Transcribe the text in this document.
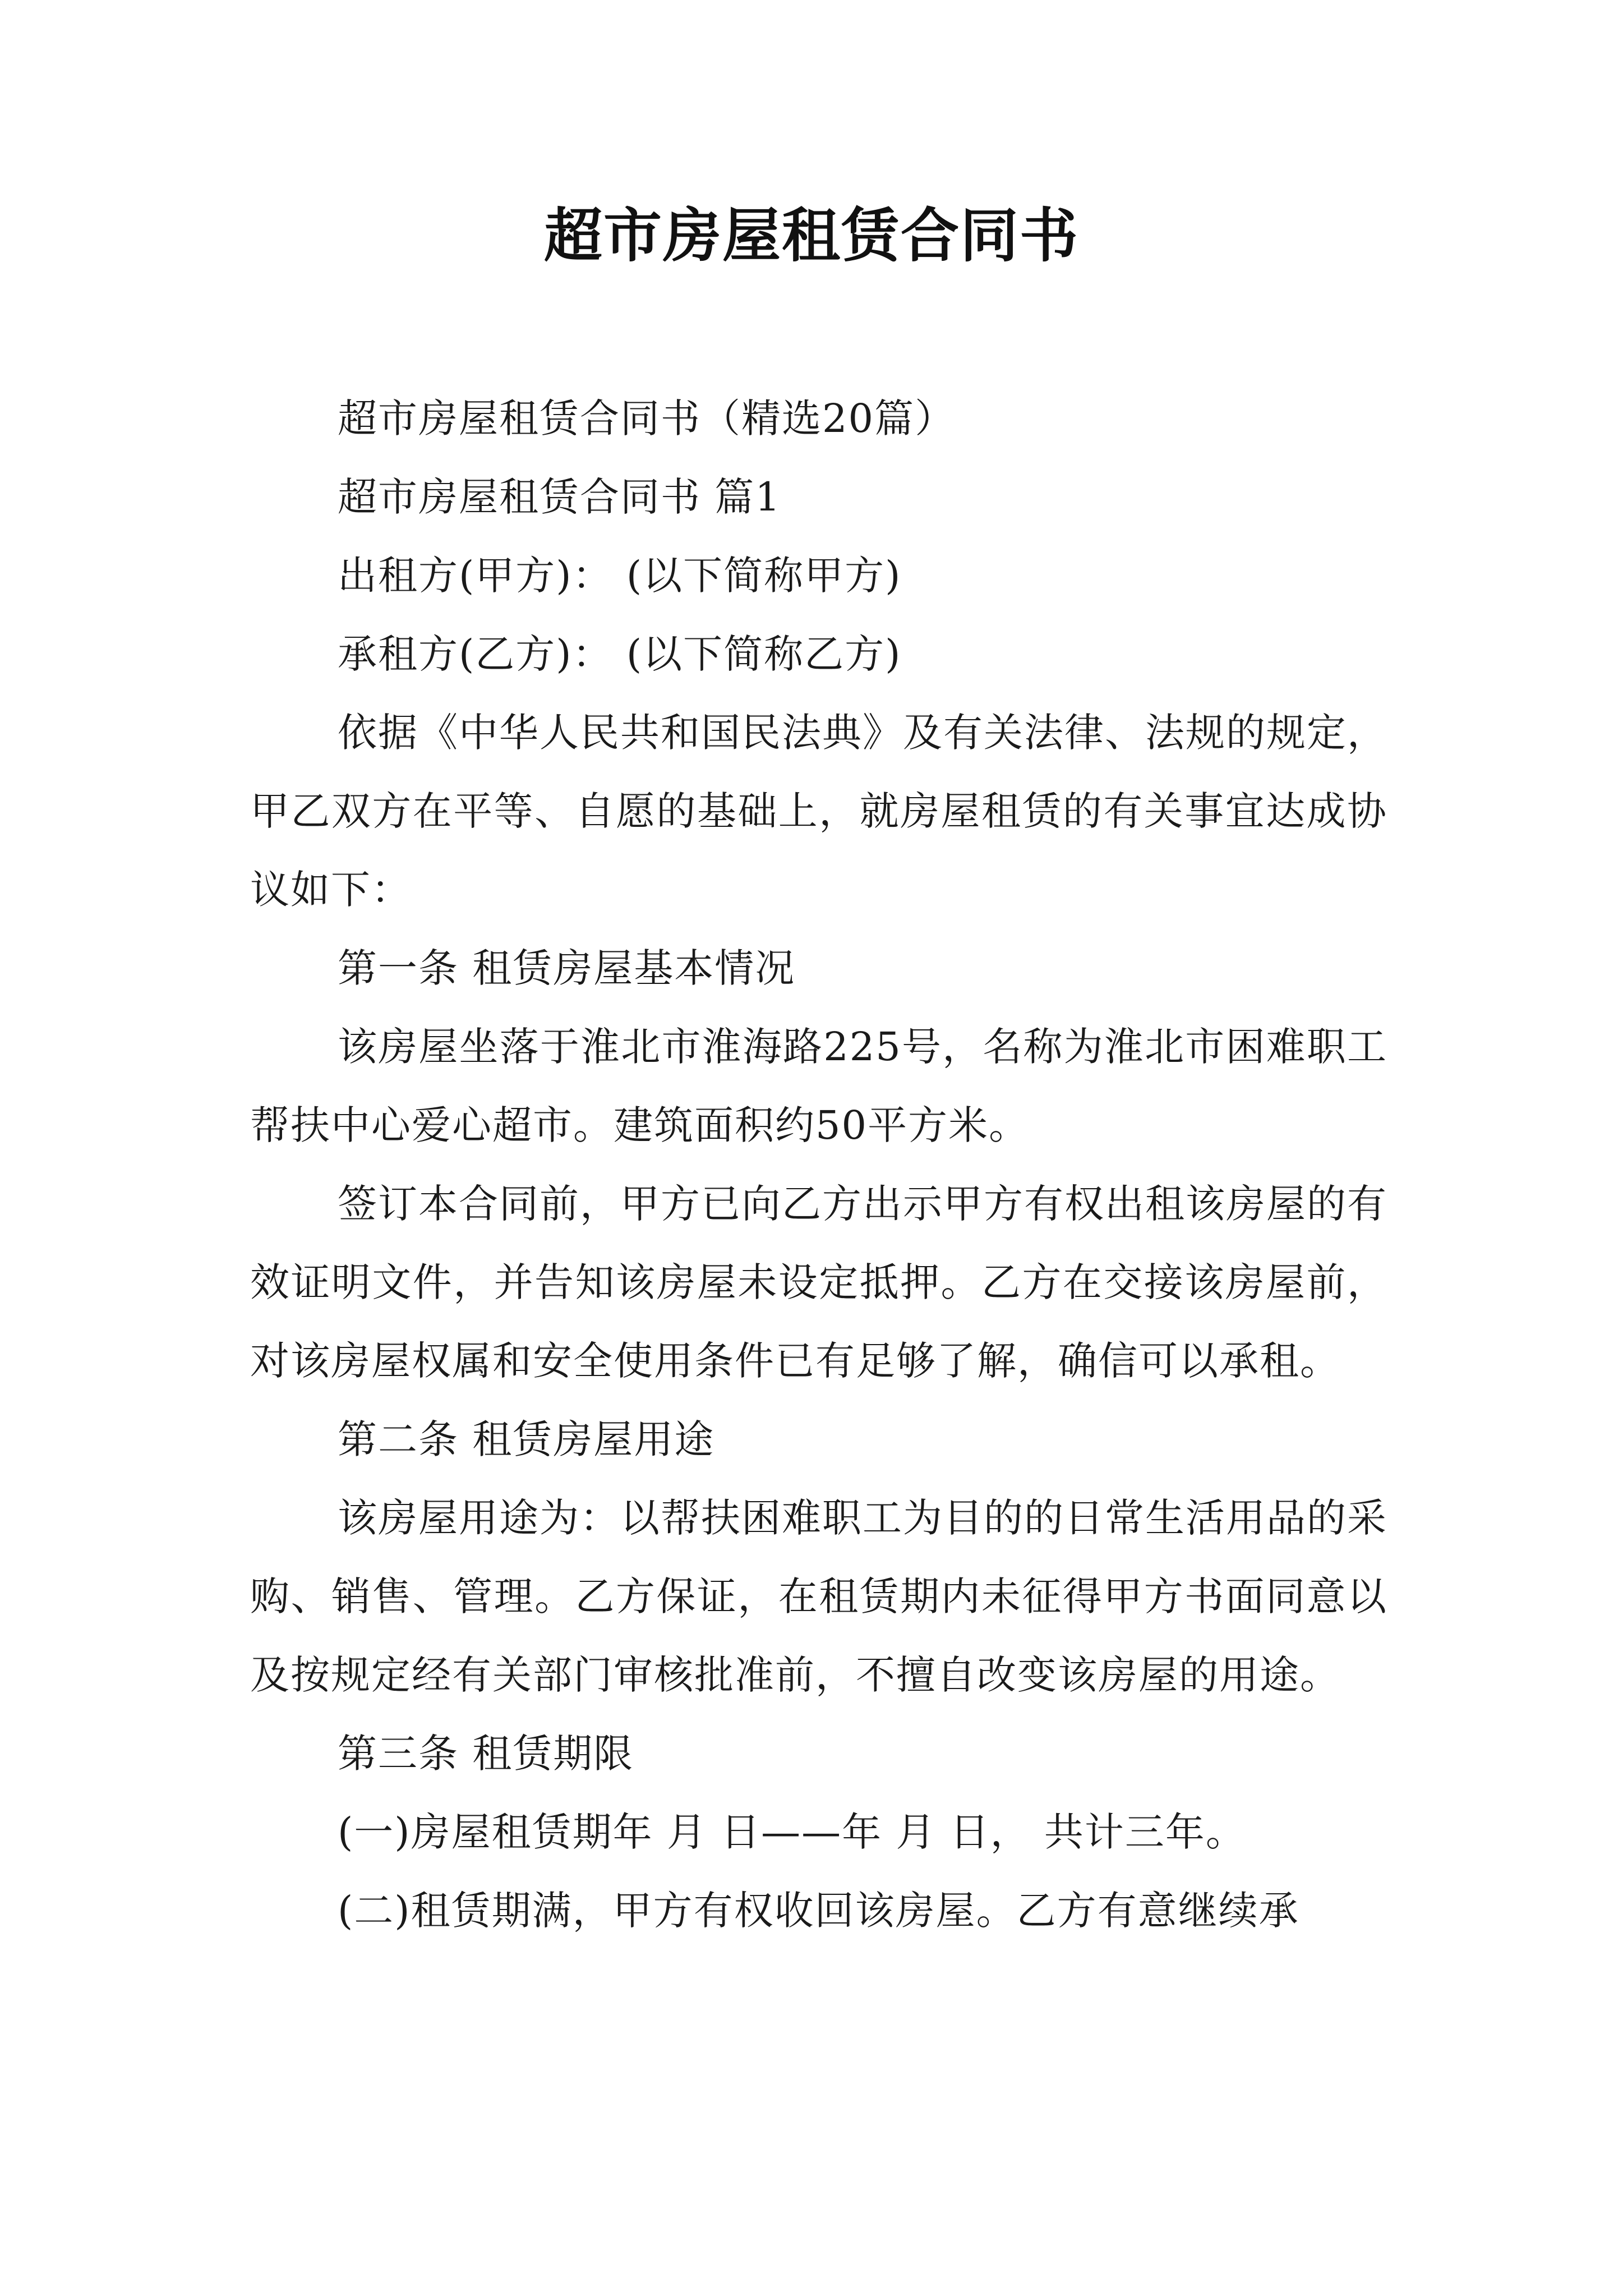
超市房屋租赁合同书

超市房屋租赁合同书（精选20篇）

超市房屋租赁合同书 篇1

出租方(甲方)： (以下简称甲方)

承租方(乙方)： (以下简称乙方)

依据《中华人民共和国民法典》及有关法律、法规的规定，甲乙双方在平等、自愿的基础上，就房屋租赁的有关事宜达成协议如下：

第一条 租赁房屋基本情况

该房屋坐落于淮北市淮海路225号，名称为淮北市困难职工帮扶中心爱心超市。建筑面积约50平方米。

签订本合同前，甲方已向乙方出示甲方有权出租该房屋的有效证明文件，并告知该房屋未设定抵押。乙方在交接该房屋前，对该房屋权属和安全使用条件已有足够了解，确信可以承租。

第二条 租赁房屋用途

该房屋用途为：以帮扶困难职工为目的的日常生活用品的采购、销售、管理。乙方保证，在租赁期内未征得甲方书面同意以及按规定经有关部门审核批准前，不擅自改变该房屋的用途。

第三条 租赁期限

(一)房屋租赁期年 月 日——年 月 日， 共计三年。

(二)租赁期满，甲方有权收回该房屋。乙方有意继续承
